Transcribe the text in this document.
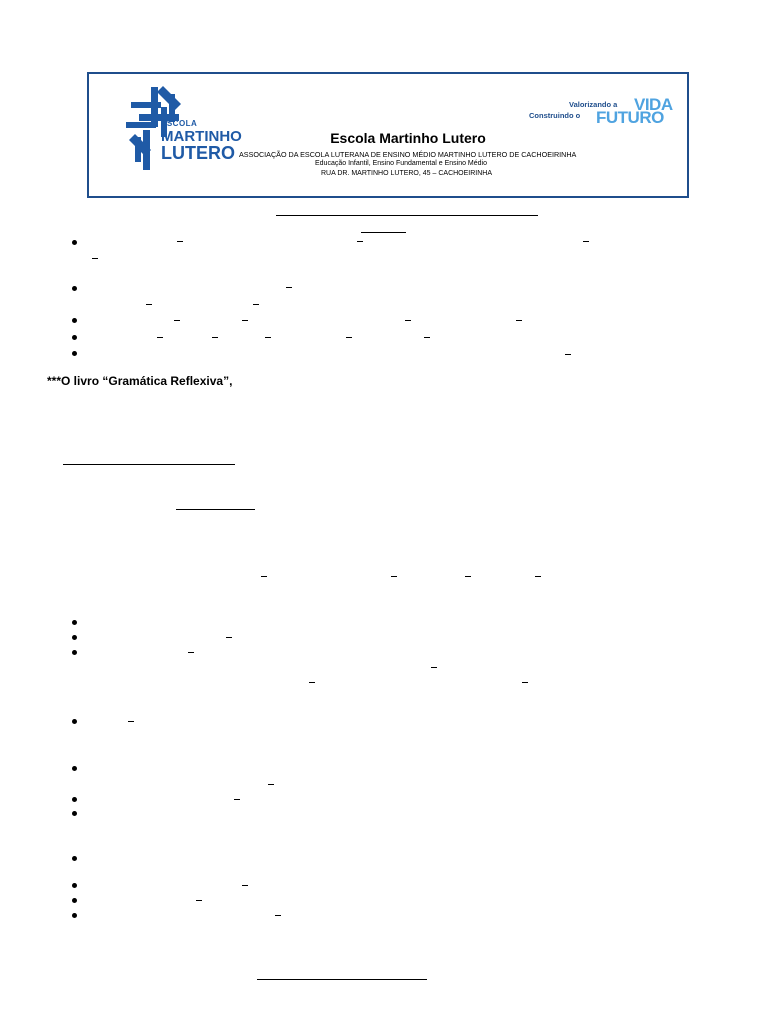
ESCOLA
MARTINHO
LUTERO
Escola Martinho Lutero
ASSOCIAÇÃO DA ESCOLA LUTERANA DE ENSINO MÉDIO MARTINHO LUTERO DE CACHOEIRINHA
Educação Infantil, Ensino Fundamental e Ensino Médio
RUA DR. MARTINHO LUTERO, 45 – CACHOEIRINHA
Valorizando a
Construindo o
VIDA
FUTURO
***O livro “Gramática Reflexiva”,
